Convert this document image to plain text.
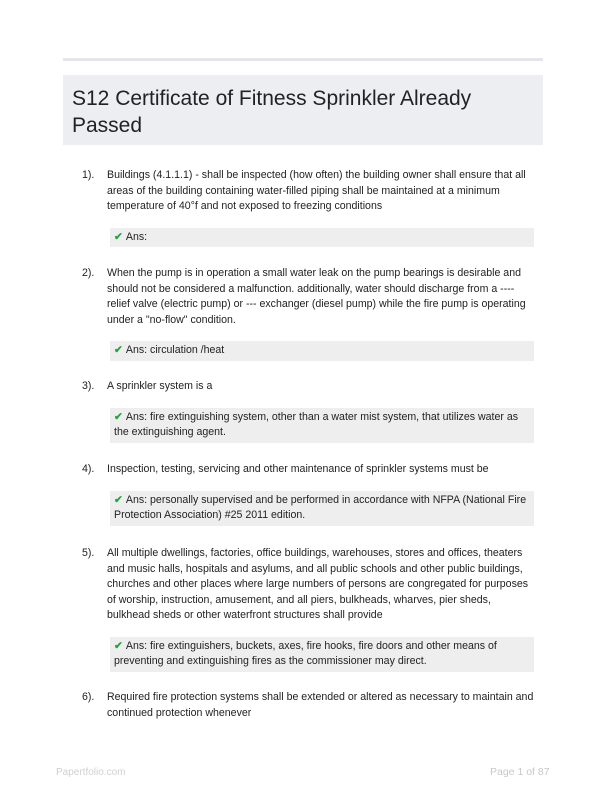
S12 Certificate of Fitness Sprinkler Already Passed
1).	Buildings (4.1.1.1) - shall be inspected (how often) the building owner shall ensure that all areas of the building containing water-filled piping shall be maintained at a minimum temperature of 40°f and not exposed to freezing conditions
✔ Ans:
2).	When the pump is in operation a small water leak on the pump bearings is desirable and should not be considered a malfunction. additionally, water should discharge from a ---- relief valve (electric pump) or --- exchanger (diesel pump) while the fire pump is operating under a "no-flow" condition.
✔ Ans: circulation /heat
3).	A sprinkler system is a
✔ Ans: fire extinguishing system, other than a water mist system, that utilizes water as the extinguishing agent.
4).	Inspection, testing, servicing and other maintenance of sprinkler systems must be
✔ Ans: personally supervised and be performed in accordance with NFPA (National Fire Protection Association) #25 2011 edition.
5).	All multiple dwellings, factories, office buildings, warehouses, stores and offices, theaters and music halls, hospitals and asylums, and all public schools and other public buildings, churches and other places where large numbers of persons are congregated for purposes of worship, instruction, amusement, and all piers, bulkheads, wharves, pier sheds, bulkhead sheds or other waterfront structures shall provide
✔ Ans: fire extinguishers, buckets, axes, fire hooks, fire doors and other means of preventing and extinguishing fires as the commissioner may direct.
6).	Required fire protection systems shall be extended or altered as necessary to maintain and continued protection whenever
Papertfolio.com	Page 1 of 87
